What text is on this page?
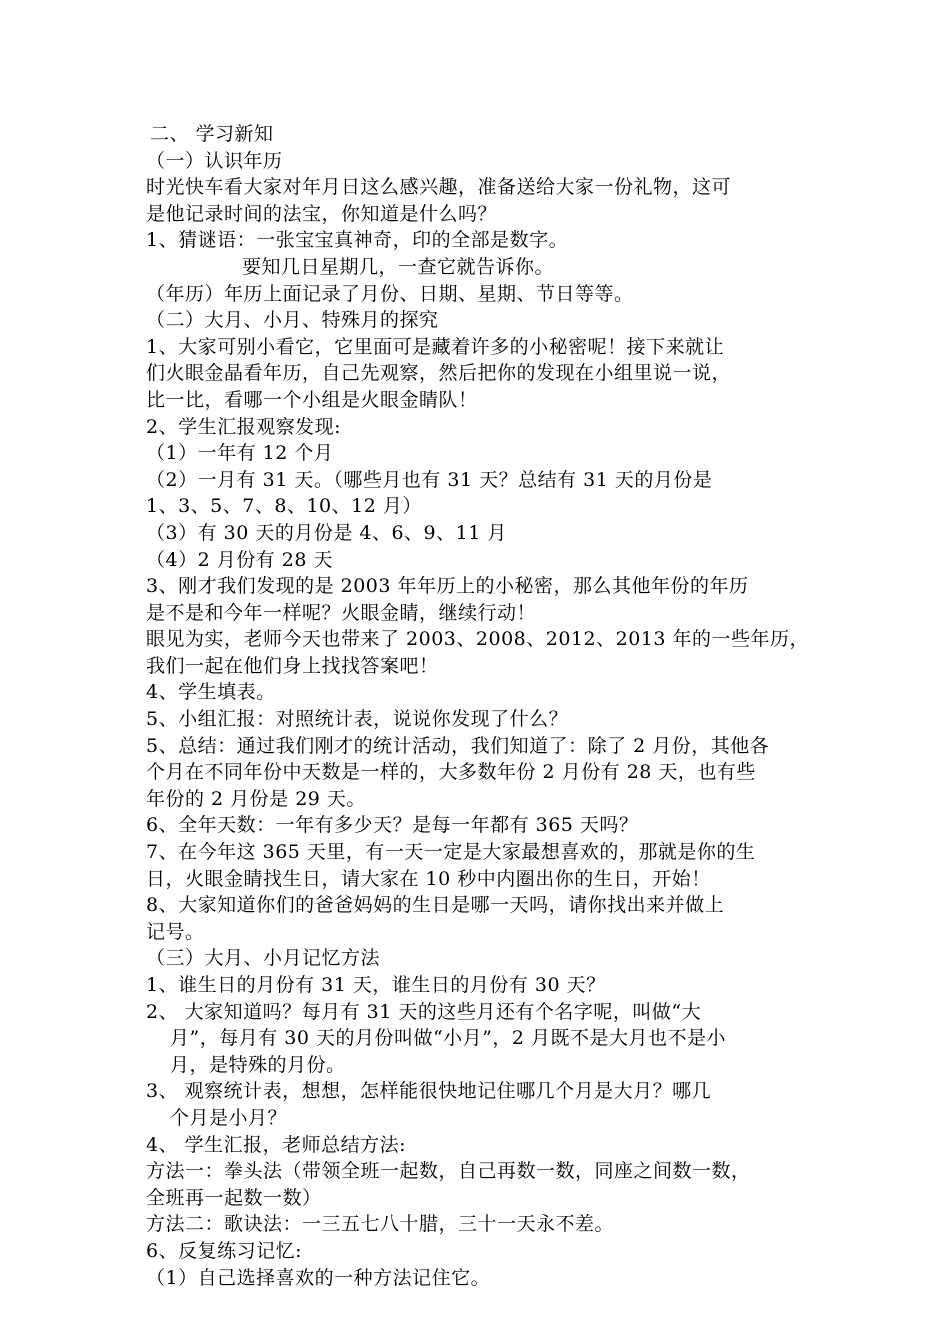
二、 学习新知
（一）认识年历
时光快车看大家对年月日这么感兴趣，准备送给大家一份礼物，这可
是他记录时间的法宝，你知道是什么吗？
1、猜谜语：一张宝宝真神奇，印的全部是数字。
要知几日星期几，一查它就告诉你。
（年历）年历上面记录了月份、日期、星期、节日等等。
（二）大月、小月、特殊月的探究
1、大家可别小看它，它里面可是藏着许多的小秘密呢！接下来就让
们火眼金晶看年历，自己先观察，然后把你的发现在小组里说一说，
比一比，看哪一个小组是火眼金睛队！
2、学生汇报观察发现:
（1）一年有 12 个月
（2）一月有 31 天。（哪些月也有 31 天？总结有 31 天的月份是
1、3、5、7、8、10、12 月）
（3）有 30 天的月份是 4、6、9、11 月
（4）2 月份有 28 天
3、刚才我们发现的是 2003 年年历上的小秘密，那么其他年份的年历
是不是和今年一样呢？火眼金睛，继续行动！
眼见为实，老师今天也带来了 2003、2008、2012、2013 年的一些年历，
我们一起在他们身上找找答案吧！
4、学生填表。
5、小组汇报：对照统计表，说说你发现了什么？
5、总结：通过我们刚才的统计活动，我们知道了：除了 2 月份，其他各
个月在不同年份中天数是一样的，大多数年份 2 月份有 28 天，也有些
年份的 2 月份是 29 天。
6、全年天数：一年有多少天？是每一年都有 365 天吗？
7、在今年这 365 天里，有一天一定是大家最想喜欢的，那就是你的生
日，火眼金睛找生日，请大家在 10 秒中内圈出你的生日，开始！
8、大家知道你们的爸爸妈妈的生日是哪一天吗，请你找出来并做上
记号。
（三）大月、小月记忆方法
1、谁生日的月份有 31 天，谁生日的月份有 30 天？
2、 大家知道吗？每月有 31 天的这些月还有个名字呢，叫做“大
月”，每月有 30 天的月份叫做“小月”，2 月既不是大月也不是小
月，是特殊的月份。
3、 观察统计表，想想，怎样能很快地记住哪几个月是大月？哪几
个月是小月？
4、 学生汇报，老师总结方法:
方法一：拳头法（带领全班一起数，自己再数一数，同座之间数一数，
全班再一起数一数）
方法二：歌诀法：一三五七八十腊，三十一天永不差。
6、反复练习记忆:
（1）自己选择喜欢的一种方法记住它。
